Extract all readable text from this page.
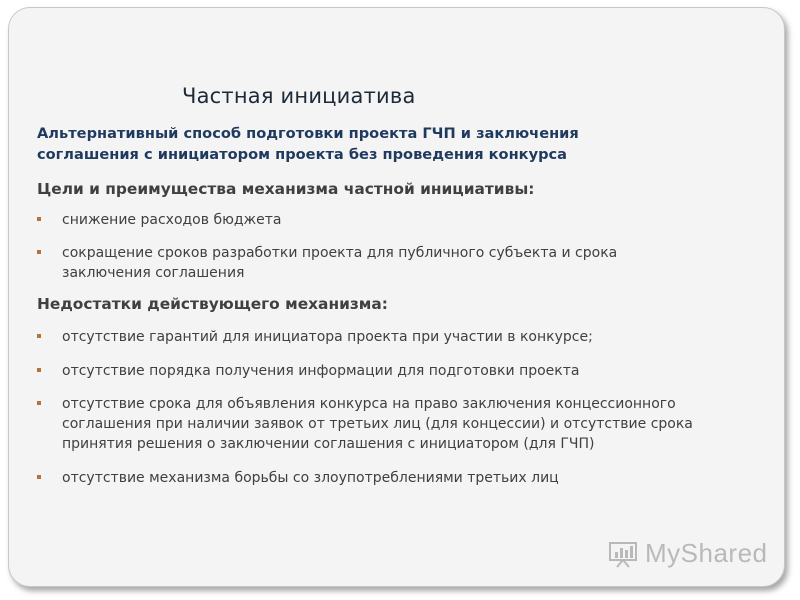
Частная инициатива
Альтернативный способ подготовки проекта ГЧП и заключения соглашения с инициатором проекта без проведения конкурса
Цели и преимущества механизма частной инициативы:
снижение расходов бюджета
сокращение сроков разработки проекта для публичного субъекта и срока заключения соглашения
Недостатки действующего механизма:
отсутствие гарантий для инициатора проекта при участии в конкурсе;
отсутствие порядка получения информации для подготовки проекта
отсутствие срока для объявления конкурса на право заключения концессионного соглашения при наличии заявок от третьих лиц (для концессии) и отсутствие срока принятия решения о заключении соглашения с инициатором (для ГЧП)
отсутствие механизма борьбы со злоупотреблениями третьих лиц
MyShared
